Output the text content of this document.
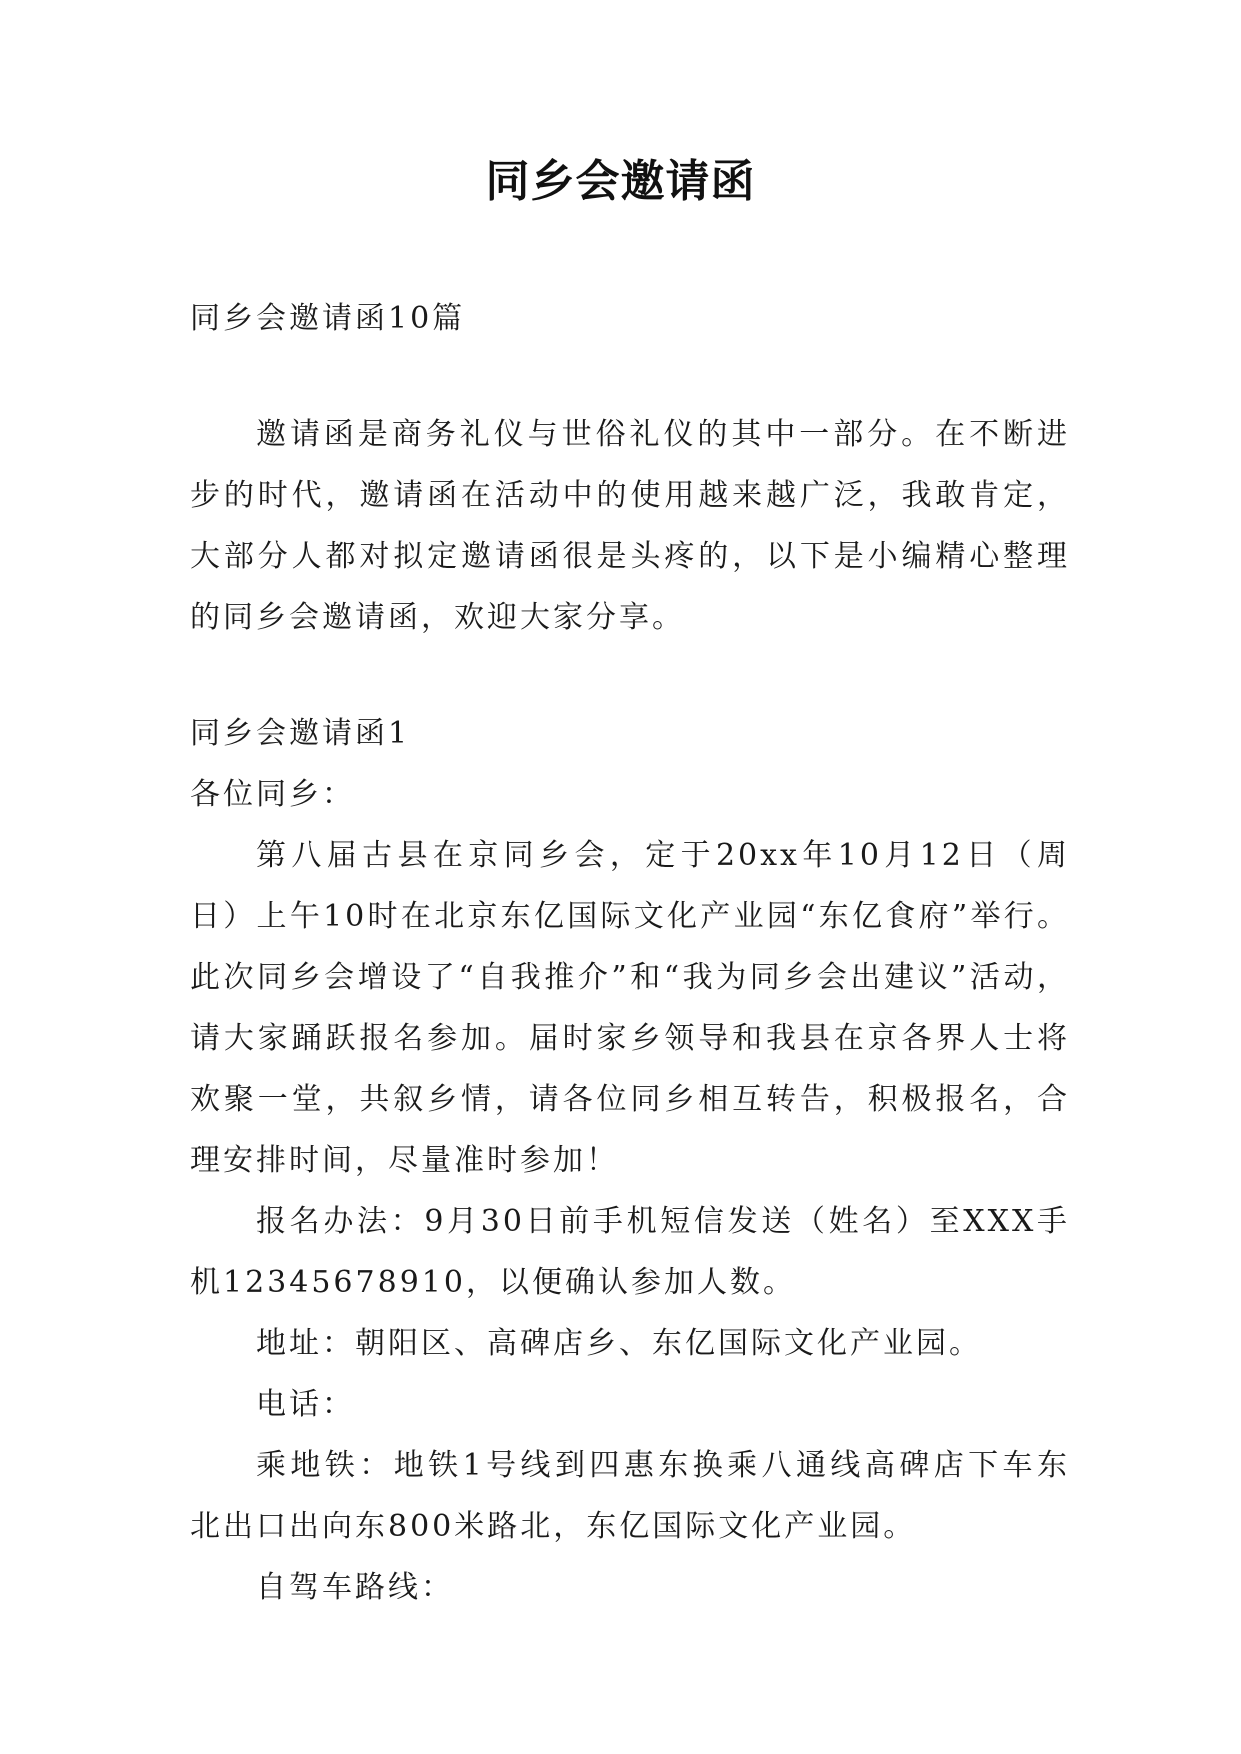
同乡会邀请函

同乡会邀请函10篇

邀请函是商务礼仪与世俗礼仪的其中一部分。在不断进步的时代，邀请函在活动中的使用越来越广泛，我敢肯定，大部分人都对拟定邀请函很是头疼的，以下是小编精心整理的同乡会邀请函，欢迎大家分享。

同乡会邀请函1

各位同乡：

第八届古县在京同乡会，定于20xx年10月12日（周日）上午10时在北京东亿国际文化产业园“东亿食府”举行。此次同乡会增设了“自我推介”和“我为同乡会出建议”活动，请大家踊跃报名参加。届时家乡领导和我县在京各界人士将欢聚一堂，共叙乡情，请各位同乡相互转告，积极报名，合理安排时间，尽量准时参加！

报名办法：9月30日前手机短信发送（姓名）至XXX手机12345678910，以便确认参加人数。

地址：朝阳区、高碑店乡、东亿国际文化产业园。

电话：

乘地铁：地铁1号线到四惠东换乘八通线高碑店下车东北出口出向东800米路北，东亿国际文化产业园。

自驾车路线：
